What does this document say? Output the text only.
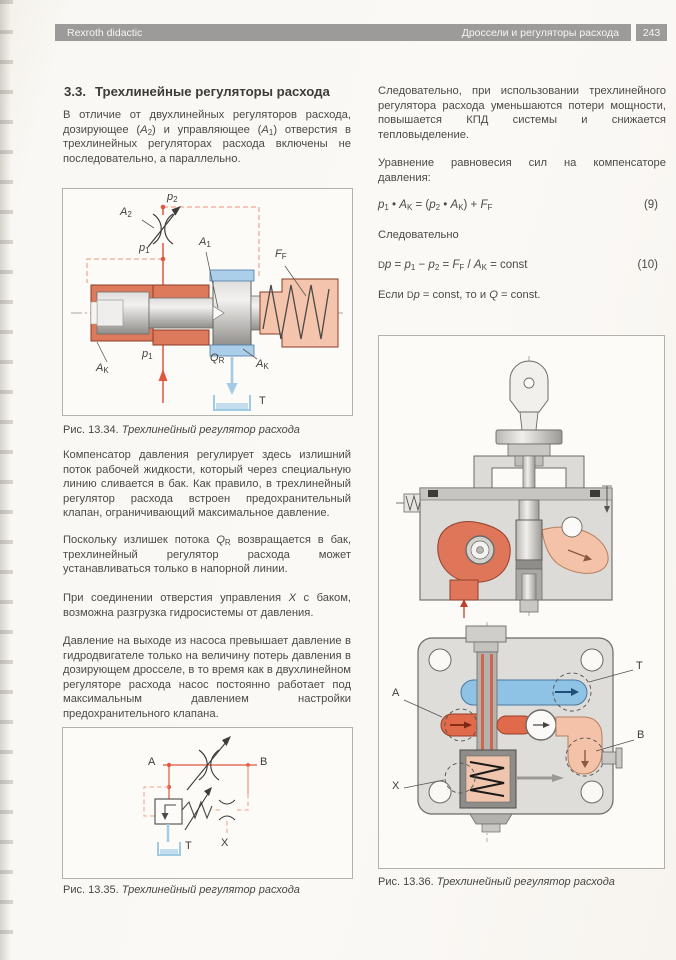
Rexroth didactic	Дроссели и регуляторы расхода	243
3.3. Трехлинейные регуляторы расхода
В отличие от двухлинейных регуляторов расхода, дозирующее $(A_2)$ и управляющее $(A_1)$ отверстия в трехлинейных регуляторах расхода включены не последовательно, а параллельно.
$p_2$
$A_2$
$p_1$
$A_1$
$F_F$
$A_K$
$p_1$	$Q_R$	$A_K$
T
Рис. 13.34. Трехлинейный регулятор расхода
Компенсатор давления регулирует здесь излишний поток рабочей жидкости, который через специальную линию сливается в бак. Как правило, в трехлинейный регулятор расхода встроен предохранительный клапан, ограничивающий максимальное давление.
Поскольку излишек потока $Q_R$ возвращается в бак, трехлинейный регулятор расхода может устанавливаться только в напорной линии.
При соединении отверстия управления X с баком, возможна разгрузка гидросистемы от давления.
Давление на выходе из насоса превышает давление в гидродвигателе только на величину потерь давления в дозирующем дросселе, в то время как в двухлинейном регуляторе расхода насос постоянно работает под максимальным давлением настройки предохранительного клапана.
A	B
T	X
Рис. 13.35. Трехлинейный регулятор расхода
Следовательно, при использовании трехлинейного регулятора расхода уменьшаются потери мощности, повышается КПД системы и снижается тепловыделение.
Уравнение равновесия сил на компенсаторе давления:
$p_1$ • $A_K = (p_2$ • $A_K) + F_F$	(9)
Следовательно
$Dp = p_1 - p_2 = F_F / A_K$ = const	(10)
Если Dp = const, то и Q = const.
A
T
B
X
Рис. 13.36. Трехлинейный регулятор расхода
